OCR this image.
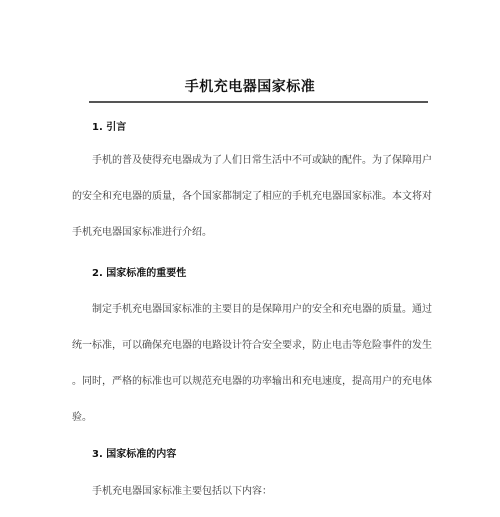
手机充电器国家标准
1. 引言
手机的普及使得充电器成为了人们日常生活中不可或缺的配件。为了保障用户
的安全和充电器的质量，各个国家都制定了相应的手机充电器国家标准。本文将对
手机充电器国家标准进行介绍。
2. 国家标准的重要性
制定手机充电器国家标准的主要目的是保障用户的安全和充电器的质量。通过
统一标准，可以确保充电器的电路设计符合安全要求，防止电击等危险事件的发生
。同时，严格的标准也可以规范充电器的功率输出和充电速度，提高用户的充电体
验。
3. 国家标准的内容
手机充电器国家标准主要包括以下内容：
